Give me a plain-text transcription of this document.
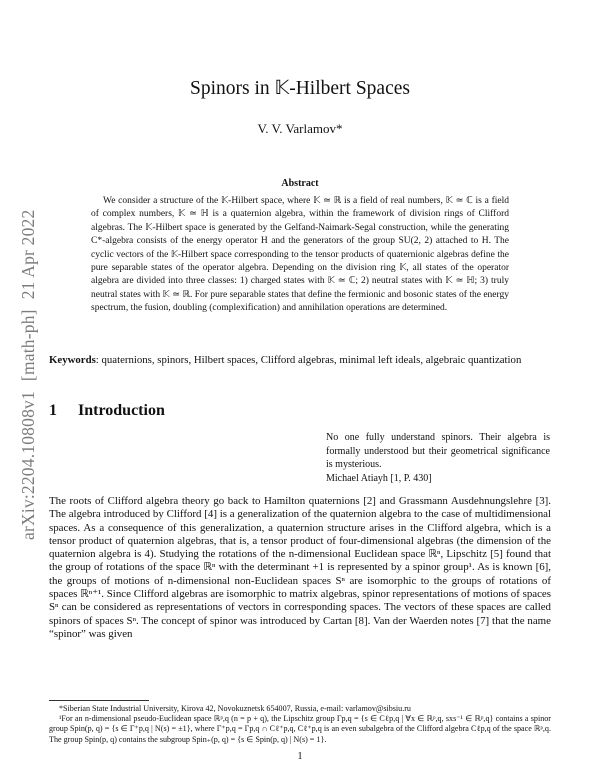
arXiv:2204.10808v1[math-ph]21 Apr 2022
Spinors in 𝕂-Hilbert Spaces
V. V. Varlamov*
Abstract

We consider a structure of the 𝕂-Hilbert space, where 𝕂 ≃ ℝ is a field of real numbers, 𝕂 ≃ ℂ is a field of complex numbers, 𝕂 ≃ ℍ is a quaternion algebra, within the framework of division rings of Clifford algebras. The 𝕂-Hilbert space is generated by the Gelfand-Naimark-Segal construction, while the generating C*-algebra consists of the energy operator H and the generators of the group SU(2, 2) attached to H. The cyclic vectors of the 𝕂-Hilbert space corresponding to the tensor products of quaternionic algebras define the pure separable states of the operator algebra. Depending on the division ring 𝕂, all states of the operator algebra are divided into three classes: 1) charged states with 𝕂 ≃ ℂ; 2) neutral states with 𝕂 ≃ ℍ; 3) truly neutral states with 𝕂 ≃ ℝ. For pure separable states that define the fermionic and bosonic states of the energy spectrum, the fusion, doubling (complexification) and annihilation operations are determined.

Keywords: quaternions, spinors, Hilbert spaces, Clifford algebras, minimal left ideals, algebraic quantization

1 Introduction

No one fully understand spinors. Their algebra is formally understood but their geometrical significance is mysterious.

Michael Atiayh [1, P. 430]

The roots of Clifford algebra theory go back to Hamilton quaternions [2] and Grassmann Ausdehnungslehre [3]. The algebra introduced by Clifford [4] is a generalization of the quaternion algebra to the case of multidimensional spaces. As a consequence of this generalization, a quaternion structure arises in the Clifford algebra, which is a tensor product of quaternion algebras, that is, a tensor product of four-dimensional algebras (the dimension of the quaternion algebra is 4). Studying the rotations of the n-dimensional Euclidean space ℝⁿ, Lipschitz [5] found that the group of rotations of the space ℝⁿ with the determinant +1 is represented by a spinor group¹. As is known [6], the groups of motions of n-dimensional non-Euclidean spaces Sⁿ are isomorphic to the groups of rotations of spaces ℝⁿ⁺¹. Since Clifford algebras are isomorphic to matrix algebras, spinor representations of motions of spaces Sⁿ can be considered as representations of vectors in corresponding spaces. The vectors of these spaces are called spinors of spaces Sⁿ. The concept of spinor was introduced by Cartan [8]. Van der Waerden notes [7] that the name “spinor” was given

*Siberian State Industrial University, Kirova 42, Novokuznetsk 654007, Russia, e-mail: varlamov@sibsiu.ru

¹For an n-dimensional pseudo-Euclidean space ℝᵖ,q (n = p + q), the Lipschitz group Γp,q = {s ∈ Cℓp,q | ∀x ∈ ℝᵖ,q, sxs⁻¹ ∈ ℝᵖ,q} contains a spinor group Spin(p, q) = {s ∈ Γ⁺p,q | N(s) = ±1}, where Γ⁺p,q = Γp,q ∩ Cℓ⁺p,q, Cℓ⁺p,q is an even subalgebra of the Clifford algebra Cℓp,q of the space ℝᵖ,q. The group Spin(p, q) contains the subgroup Spin₊(p, q) = {s ∈ Spin(p, q) | N(s) = 1}.

1
